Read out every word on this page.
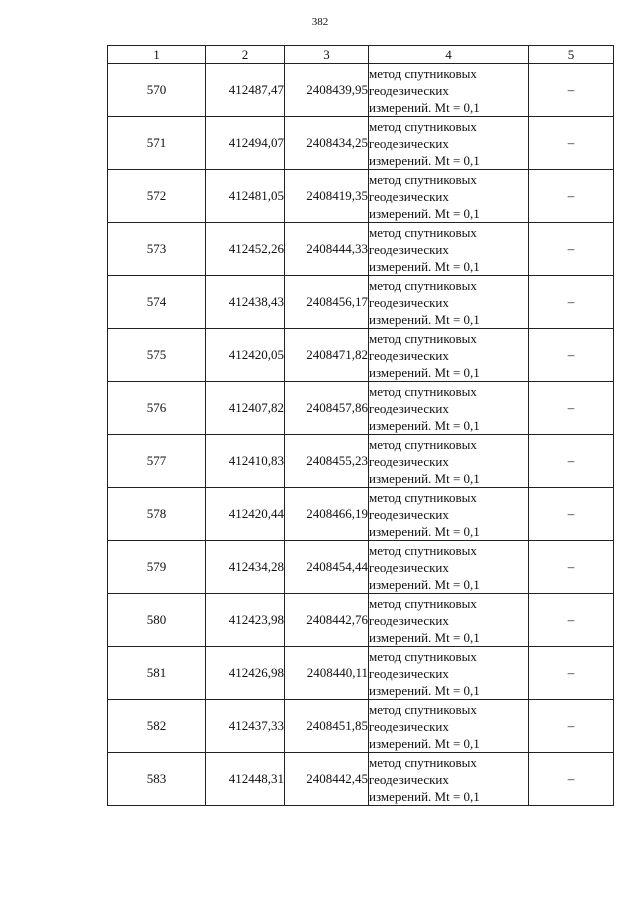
382
1	2	3	4	5
570	412487,47	2408439,95	метод спутниковых
геодезических
измерений. Mt = 0,1	–
571	412494,07	2408434,25	метод спутниковых
геодезических
измерений. Mt = 0,1	–
572	412481,05	2408419,35	метод спутниковых
геодезических
измерений. Mt = 0,1	–
573	412452,26	2408444,33	метод спутниковых
геодезических
измерений. Mt = 0,1	–
574	412438,43	2408456,17	метод спутниковых
геодезических
измерений. Mt = 0,1	–
575	412420,05	2408471,82	метод спутниковых
геодезических
измерений. Mt = 0,1	–
576	412407,82	2408457,86	метод спутниковых
геодезических
измерений. Mt = 0,1	–
577	412410,83	2408455,23	метод спутниковых
геодезических
измерений. Mt = 0,1	–
578	412420,44	2408466,19	метод спутниковых
геодезических
измерений. Mt = 0,1	–
579	412434,28	2408454,44	метод спутниковых
геодезических
измерений. Mt = 0,1	–
580	412423,98	2408442,76	метод спутниковых
геодезических
измерений. Mt = 0,1	–
581	412426,98	2408440,11	метод спутниковых
геодезических
измерений. Mt = 0,1	–
582	412437,33	2408451,85	метод спутниковых
геодезических
измерений. Mt = 0,1	–
583	412448,31	2408442,45	метод спутниковых
геодезических
измерений. Mt = 0,1	–
